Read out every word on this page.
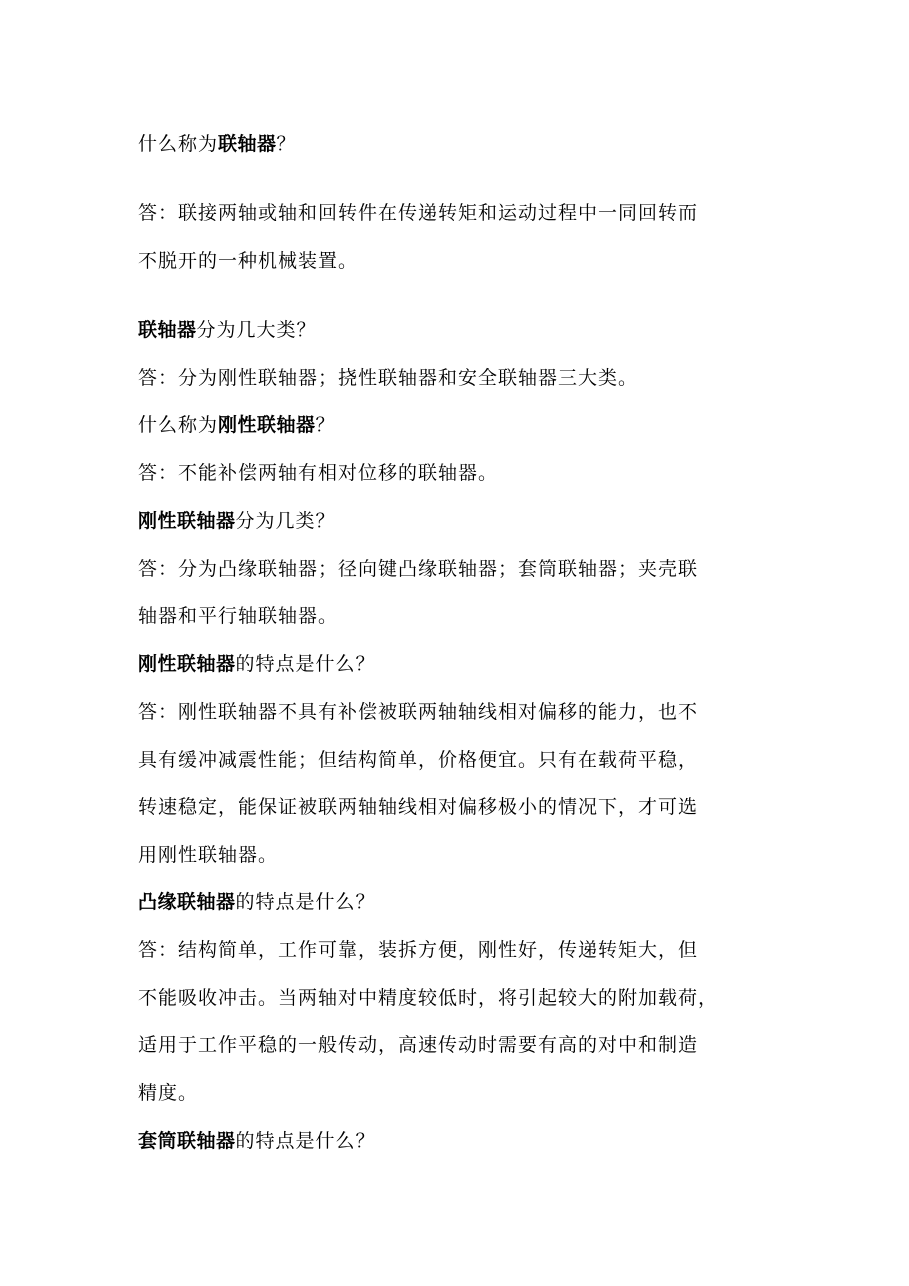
什么称为联轴器？
答：联接两轴或轴和回转件在传递转矩和运动过程中一同回转而
不脱开的一种机械装置。
联轴器分为几大类？
答：分为刚性联轴器；挠性联轴器和安全联轴器三大类。
什么称为刚性联轴器？
答：不能补偿两轴有相对位移的联轴器。
刚性联轴器分为几类？
答：分为凸缘联轴器；径向键凸缘联轴器；套筒联轴器；夹壳联
轴器和平行轴联轴器。
刚性联轴器的特点是什么？
答：刚性联轴器不具有补偿被联两轴轴线相对偏移的能力，也不
具有缓冲减震性能；但结构简单，价格便宜。只有在载荷平稳，
转速稳定，能保证被联两轴轴线相对偏移极小的情况下，才可选
用刚性联轴器。
凸缘联轴器的特点是什么？
答：结构简单，工作可靠，装拆方便，刚性好，传递转矩大，但
不能吸收冲击。当两轴对中精度较低时，将引起较大的附加载荷，
适用于工作平稳的一般传动，高速传动时需要有高的对中和制造
精度。
套筒联轴器的特点是什么？
